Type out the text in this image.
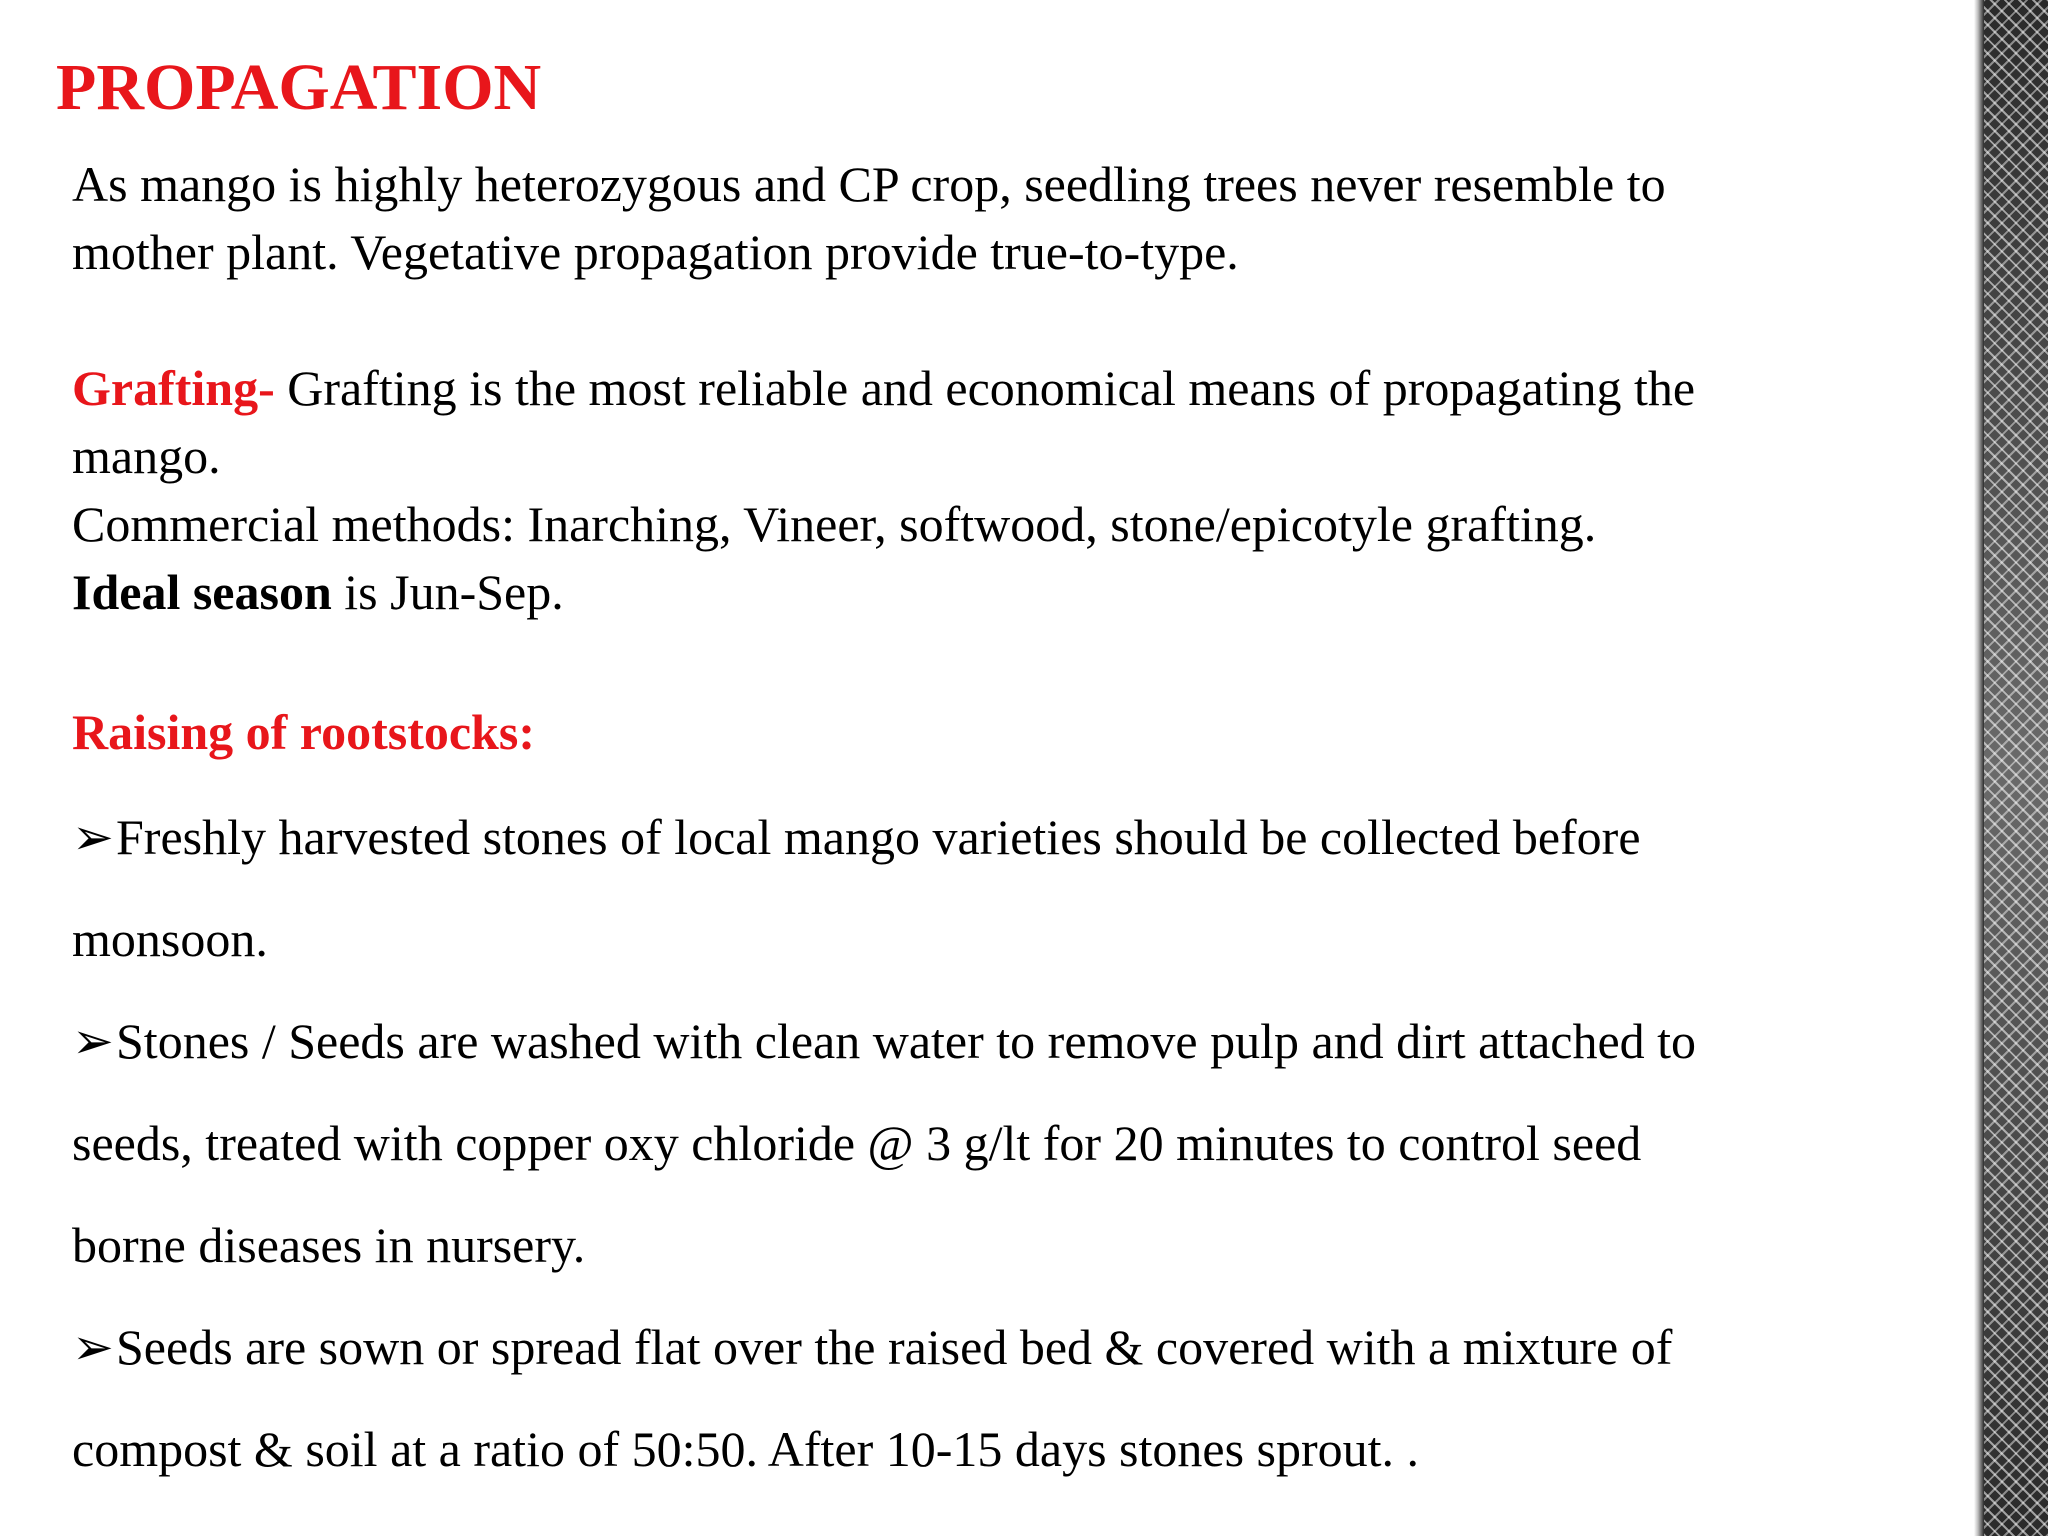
PROPAGATION
As mango is highly heterozygous and CP crop, seedling trees never resemble to
mother plant. Vegetative propagation provide true-to-type.
Grafting- Grafting is the most reliable and economical means of propagating the
mango.
Commercial methods: Inarching, Vineer, softwood, stone/epicotyle grafting.
Ideal season is Jun-Sep.
Raising of rootstocks:
➢Freshly harvested stones of local mango varieties should be collected before
monsoon.
➢Stones / Seeds are washed with clean water to remove pulp and dirt attached to
seeds, treated with copper oxy chloride @ 3 g/lt for 20 minutes to control seed
borne diseases in nursery.
➢Seeds are sown or spread flat over the raised bed & covered with a mixture of
compost & soil at a ratio of 50:50. After 10-15 days stones sprout. .
